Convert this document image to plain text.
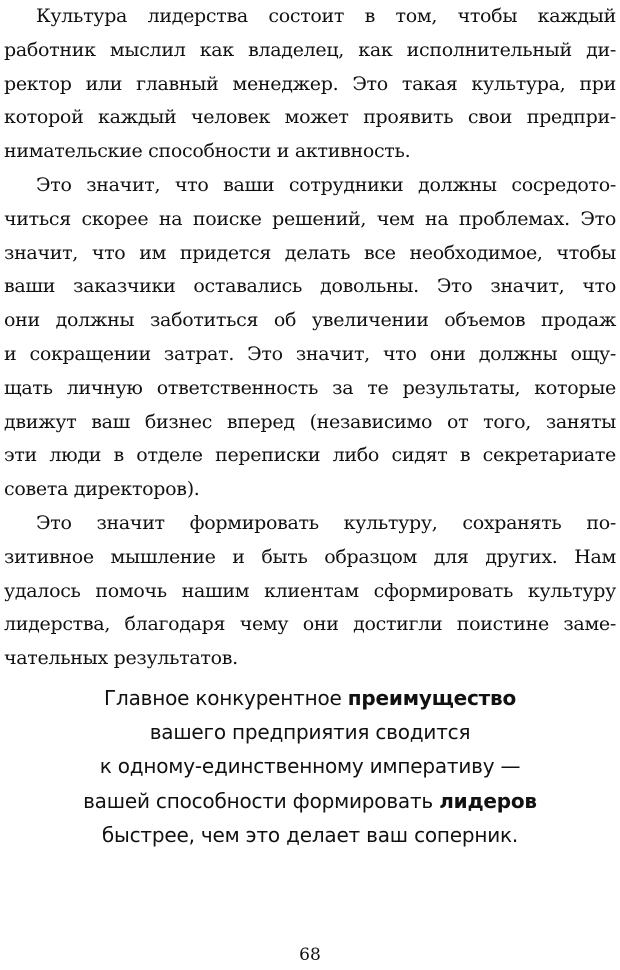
Культура лидерства состоит в том, чтобы каждый
работник мыслил как владелец, как исполнительный ди-
ректор или главный менеджер. Это такая культура, при
которой каждый человек может проявить свои предпри-
нимательские способности и активность.
Это значит, что ваши сотрудники должны сосредото-
читься скорее на поиске решений, чем на проблемах. Это
значит, что им придется делать все необходимое, чтобы
ваши заказчики оставались довольны. Это значит, что
они должны заботиться об увеличении объемов продаж
и сокращении затрат. Это значит, что они должны ощу-
щать личную ответственность за те результаты, которые
движут ваш бизнес вперед (независимо от того, заняты
эти люди в отделе переписки либо сидят в секретариате
совета директоров).
Это значит формировать культуру, сохранять по-
зитивное мышление и быть образцом для других. Нам
удалось помочь нашим клиентам сформировать культуру
лидерства, благодаря чему они достигли поистине заме-
чательных результатов.
Главное конкурентное преимущество
вашего предприятия сводится
к одному-единственному императиву —
вашей способности формировать лидеров
быстрее, чем это делает ваш соперник.
68
